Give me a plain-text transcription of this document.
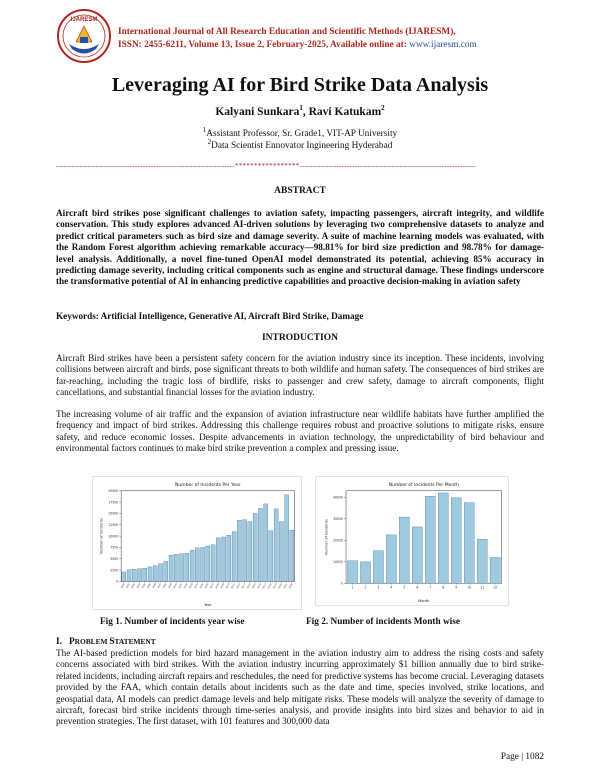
IJARESM
International Journal of All Research Education and Scientific Methods (IJARESM),
ISSN: 2455-6211, Volume 13, Issue 2, February-2025, Available online at: www.ijaresm.com
Leveraging AI for Bird Strike Data Analysis
Kalyani Sunkara$^1$, Ravi Katukam$^2$
$^1$Assistant Professor, Sr. Grade1, VIT-AP University
$^2$Data Scientist Ennovator Ingineering Hyderabad
--------------------------------------------------------------------*****************-------------------------------------------------------------------
ABSTRACT
Aircraft bird strikes pose significant challenges to aviation safety, impacting passengers, aircraft integrity, and wildlife conservation. This study explores advanced AI-driven solutions by leveraging two comprehensive datasets to analyze and predict critical parameters such as bird size and damage severity. A suite of machine learning models was evaluated, with the Random Forest algorithm achieving remarkable accuracy—98.81% for bird size prediction and 98.78% for damage-level analysis. Additionally, a novel fine-tuned OpenAI model demonstrated its potential, achieving 85% accuracy in predicting damage severity, including critical components such as engine and structural damage. These findings underscore the transformative potential of AI in enhancing predictive capabilities and proactive decision-making in aviation safety
Keywords: Artificial Intelligence, Generative AI, Aircraft Bird Strike, Damage
INTRODUCTION
Aircraft Bird strikes have been a persistent safety concern for the aviation industry since its inception. These incidents, involving collisions between aircraft and birds, pose significant threats to both wildlife and human safety. The consequences of bird strikes are far-reaching, including the tragic loss of birdlife, risks to passenger and crew safety, damage to aircraft components, flight cancellations, and substantial financial losses for the aviation industry.
The increasing volume of air traffic and the expansion of aviation infrastructure near wildlife habitats have further amplified the frequency and impact of bird strikes. Addressing this challenge requires robust and proactive solutions to mitigate risks, ensure safety, and reduce economic losses. Despite advancements in aviation technology, the unpredictability of bird behaviour and environmental factors continues to make bird strike prevention a complex and pressing issue.
Number of Incidents Per Year
0
2500
5000
7500
10000
12500
15000
17500
20000
1990 1991 1992 1993 1994 1995 1996 1997 1998 1999 2000 2001 2002 2003 2004 2005 2006 2007 2008 2009 2010 2011 2012 2013 2014 2015 2016 2017 2018 2019 2020 2021 2022
Year
Number of Incidents
Number of Incidents Per Month
0
10000
20000
30000
40000
1	2	3	4	5	6	7	8	9	10	11	12
Month
Number of Incidents
Fig 1. Number of incidents year wise	Fig 2. Number of incidents Month wise
I. PROBLEM STATEMENT
The AI-based prediction models for bird hazard management in the aviation industry aim to address the rising costs and safety concerns associated with bird strikes. With the aviation industry incurring approximately $1 billion annually due to bird strike-related incidents, including aircraft repairs and reschedules, the need for predictive systems has become crucial. Leveraging datasets provided by the FAA, which contain details about incidents such as the date and time, species involved, strike locations, and geospatial data, AI models can predict damage levels and help mitigate risks. These models will analyze the severity of damage to aircraft, forecast bird strike incidents through time-series analysis, and provide insights into bird sizes and behavior to aid in prevention strategies. The first dataset, with 101 features and 300,000 data
Page | 1082
